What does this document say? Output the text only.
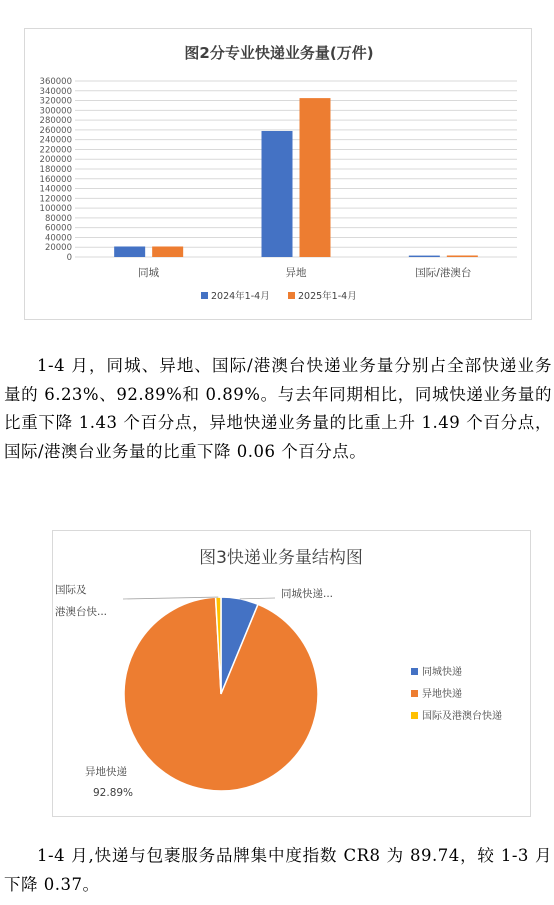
图2分专业快递业务量(万件)
0
20000
40000
60000
80000
100000
120000
140000
160000
180000
200000
220000
240000
260000
280000
300000
320000
340000
360000
同城	异地	国际/港澳台
2024年1-4月	2025年1-4月

1-4 月，同城、异地、国际/港澳台快递业务量分别占全部快递业务量的 6.23%、92.89%和 0.89%。与去年同期相比，同城快递业务量的比重下降 1.43 个百分点，异地快递业务量的比重上升 1.49 个百分点，国际/港澳台业务量的比重下降 0.06 个百分点。

图3快递业务量结构图
同城快递...
国际及港澳台快...
异地快递
92.89%
同城快递
异地快递
国际及港澳台快递

1-4 月,快递与包裹服务品牌集中度指数 CR8 为 89.74，较 1-3 月下降 0.37。
